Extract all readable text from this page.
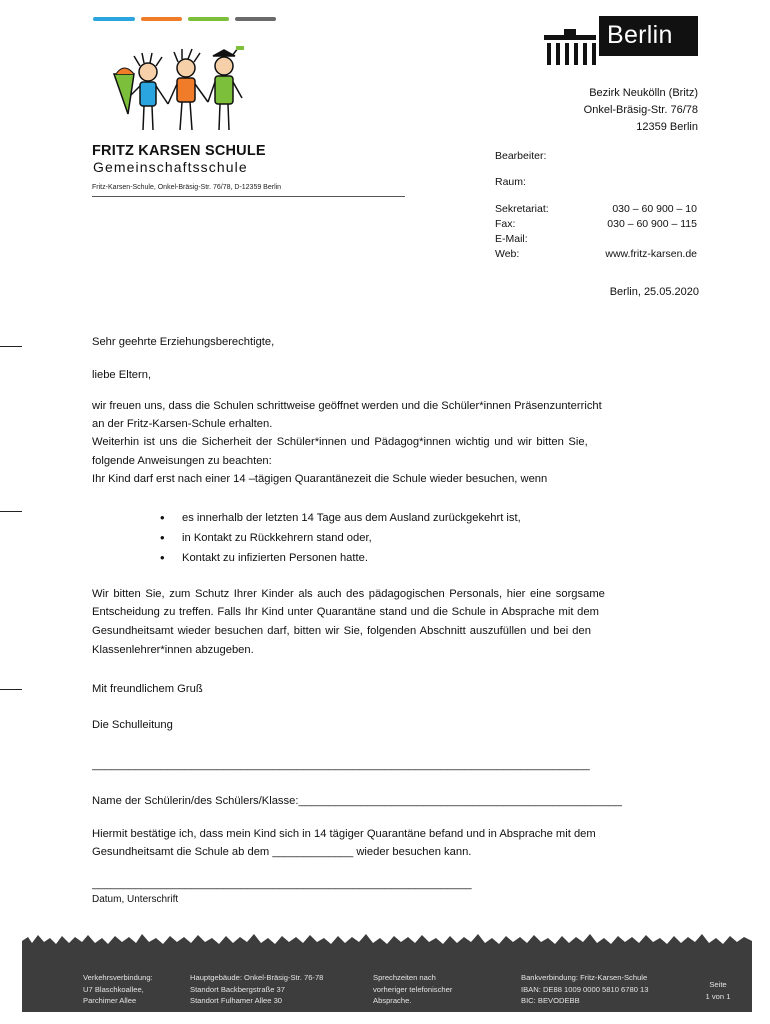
FRITZ KARSEN SCHULE
Gemeinschaftsschule
Fritz-Karsen-Schule, Onkel-Bräsig-Str. 76/78, D-12359 Berlin
Berlin
Bezirk Neukölln (Britz)
Onkel-Bräsig-Str. 76/78
12359 Berlin
Bearbeiter:
Raum:
Sekretariat:	030 – 60 900 – 10
Fax:	030 – 60 900 – 115
E-Mail:
Web:	www.fritz-karsen.de
Berlin, 25.05.2020
Sehr geehrte Erziehungsberechtigte,
liebe Eltern,
wir freuen uns, dass die Schulen schrittweise geöffnet werden und die Schüler*innen Präsenzunterricht
an der Fritz-Karsen-Schule erhalten.
Weiterhin ist uns die Sicherheit der Schüler*innen und Pädagog*innen wichtig und wir bitten Sie,
folgende Anweisungen zu beachten:
Ihr Kind darf erst nach einer 14 –tägigen Quarantänezeit die Schule wieder besuchen, wenn
• es innerhalb der letzten 14 Tage aus dem Ausland zurückgekehrt ist,
• in Kontakt zu Rückkehrern stand oder,
• Kontakt zu infizierten Personen hatte.
Wir bitten Sie, zum Schutz Ihrer Kinder als auch des pädagogischen Personals, hier eine sorgsame
Entscheidung zu treffen. Falls Ihr Kind unter Quarantäne stand und die Schule in Absprache mit dem
Gesundheitsamt wieder besuchen darf, bitten wir Sie, folgenden Abschnitt auszufüllen und bei den
Klassenlehrer*innen abzugeben.
Mit freundlichem Gruß
Die Schulleitung
________________________________________________________________________________
Name der Schülerin/des Schülers/Klasse:____________________________________________________
Hiermit bestätige ich, dass mein Kind sich in 14 tägiger Quarantäne befand und in Absprache mit dem
Gesundheitsamt die Schule ab dem _____________ wieder besuchen kann.
_____________________________________________________________
Datum, Unterschrift
Verkehrsverbindung:
U7 Blaschkoallee,
Parchimer Allee
Hauptgebäude: Onkel-Bräsig-Str. 76-78
Standort Backbergstraße 37
Standort Fulhamer Allee 30
Sprechzeiten nach
vorheriger telefonischer
Absprache.
Bankverbindung: Fritz-Karsen-Schule
IBAN: DE88 1009 0000 5810 6780 13
BIC: BEVODEBB
Seite
1 von 1
